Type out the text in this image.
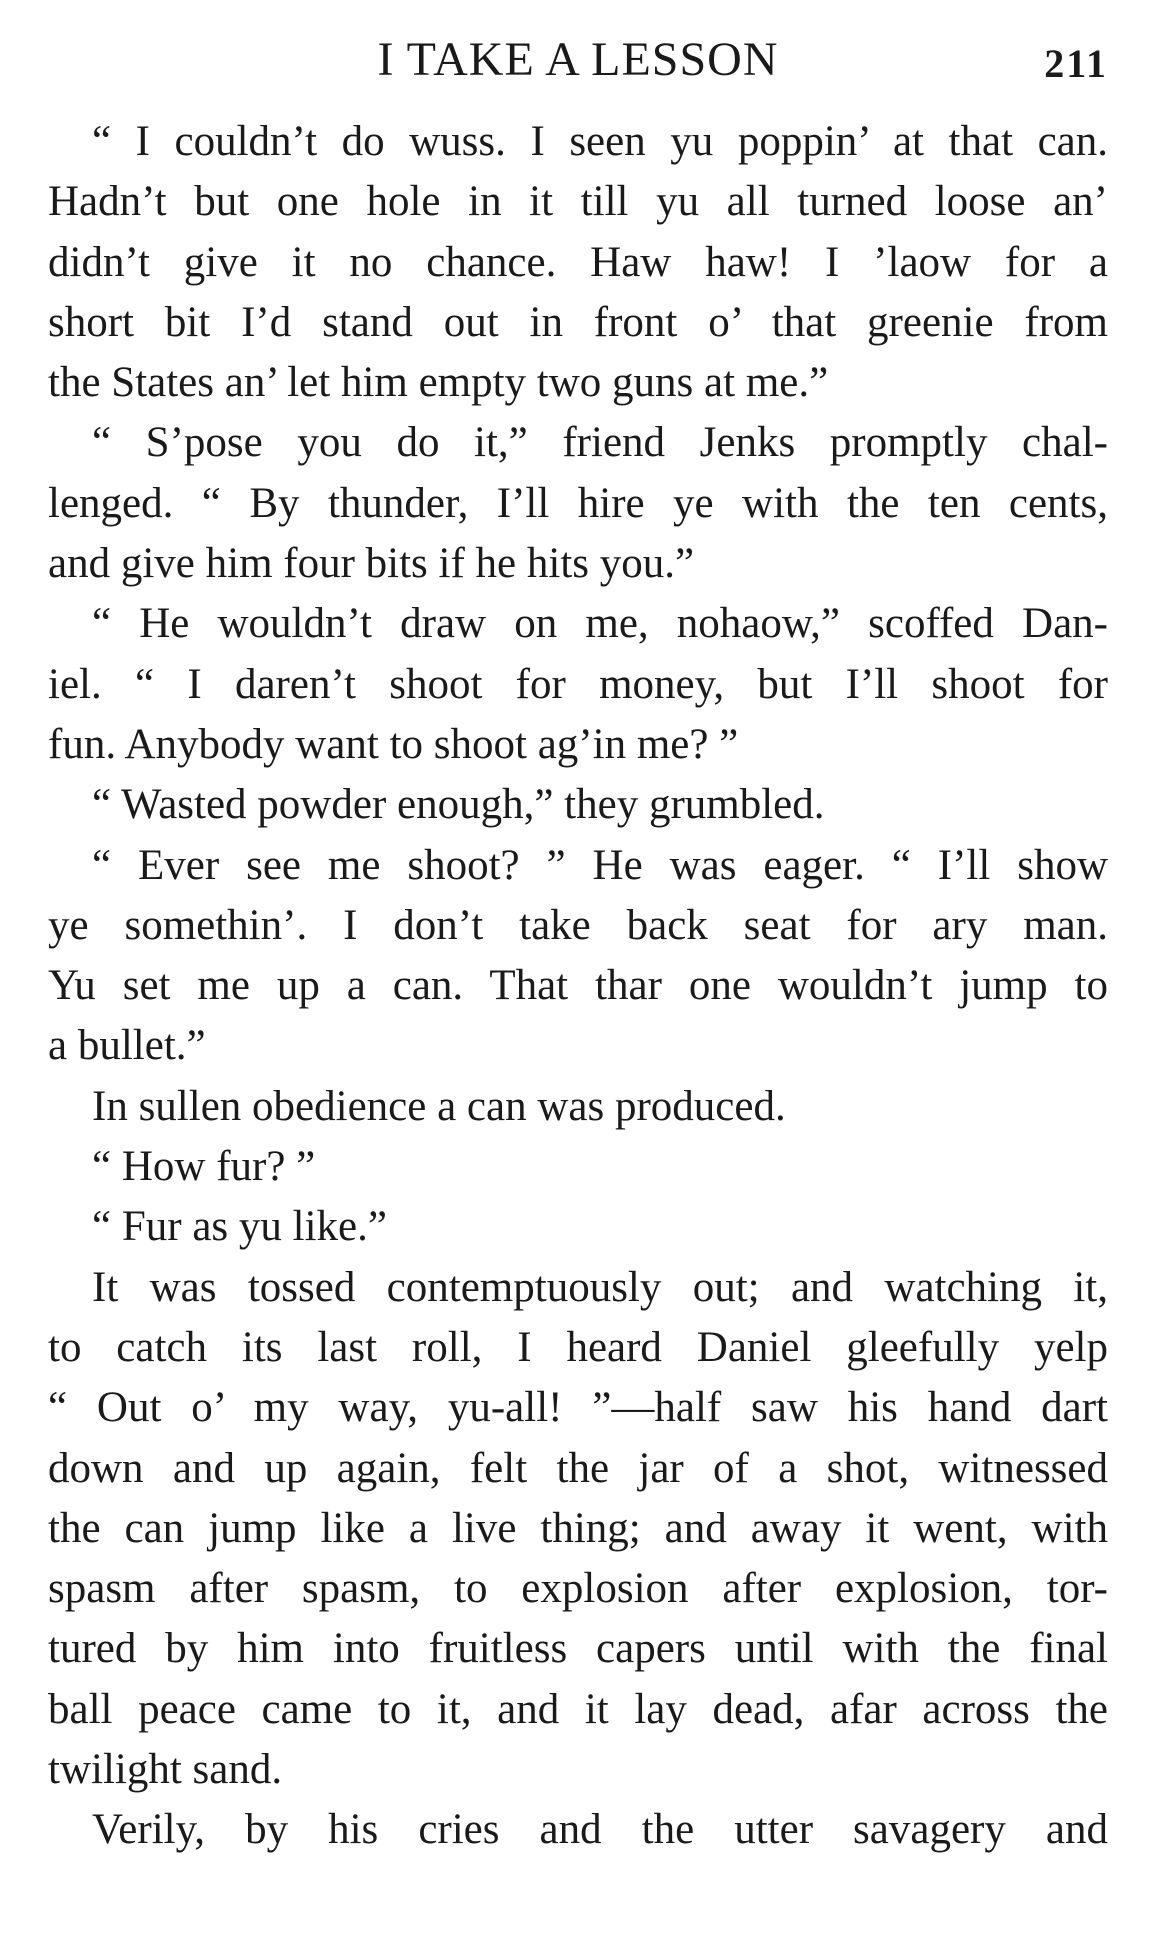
I TAKE A LESSON	211
“ I couldn’t do wuss. I seen yu poppin’ at that can.
Hadn’t but one hole in it till yu all turned loose an’
didn’t give it no chance. Haw haw! I ’laow for a
short bit I’d stand out in front o’ that greenie from
the States an’ let him empty two guns at me.”
“ S’pose you do it,” friend Jenks promptly chal-
lenged. “ By thunder, I’ll hire ye with the ten cents,
and give him four bits if he hits you.”
“ He wouldn’t draw on me, nohaow,” scoffed Dan-
iel. “ I daren’t shoot for money, but I’ll shoot for
fun. Anybody want to shoot ag’in me? ”
“ Wasted powder enough,” they grumbled.
“ Ever see me shoot? ” He was eager. “ I’ll show
ye somethin’. I don’t take back seat for ary man.
Yu set me up a can. That thar one wouldn’t jump to
a bullet.”
In sullen obedience a can was produced.
“ How fur? ”
“ Fur as yu like.”
It was tossed contemptuously out; and watching it,
to catch its last roll, I heard Daniel gleefully yelp
“ Out o’ my way, yu-all! ”—half saw his hand dart
down and up again, felt the jar of a shot, witnessed
the can jump like a live thing; and away it went, with
spasm after spasm, to explosion after explosion, tor-
tured by him into fruitless capers until with the final
ball peace came to it, and it lay dead, afar across the
twilight sand.
Verily, by his cries and the utter savagery and
